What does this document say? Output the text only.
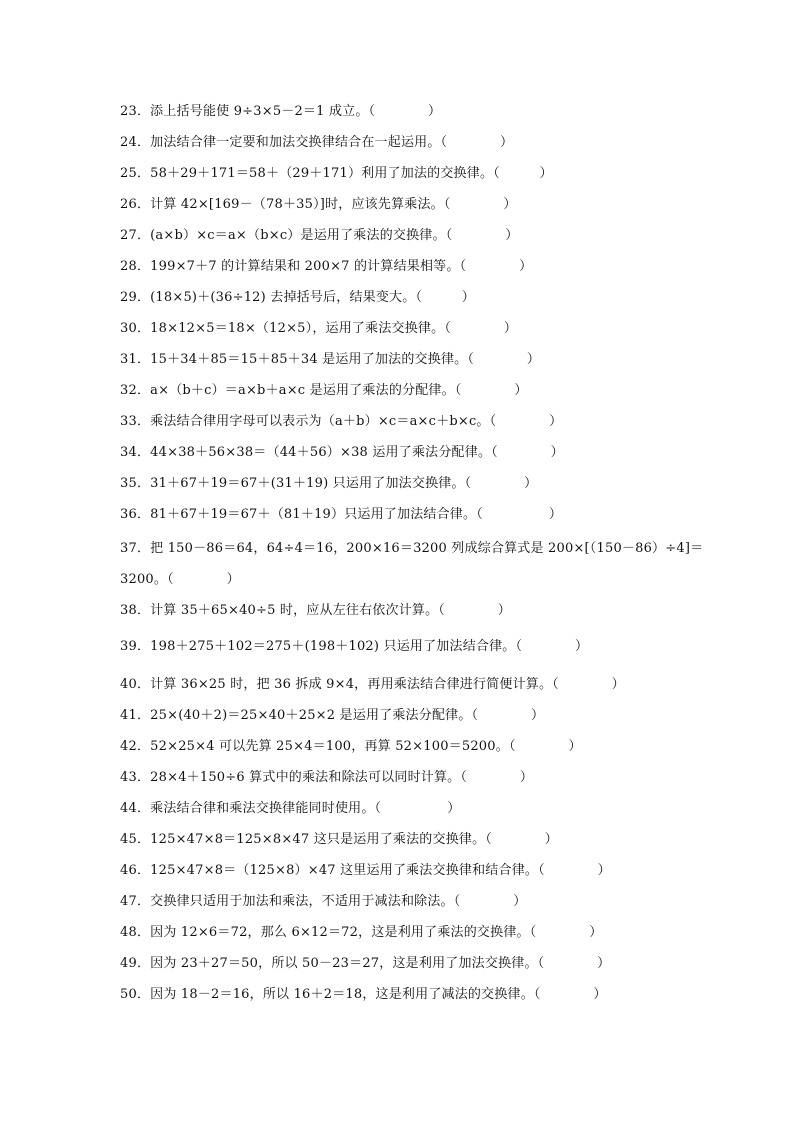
23．添上括号能使 9÷3×5－2＝1 成立。（　　　　）
24．加法结合律一定要和加法交换律结合在一起运用。（　　　　）
25．58＋29＋171＝58＋（29＋171）利用了加法的交换律。（　　　）
26．计算 42×[169－（78＋35）]时，应该先算乘法。（　　　　）
27．(a×b）×c＝a×（b×c）是运用了乘法的交换律。（　　　　）
28．199×7＋7 的计算结果和 200×7 的计算结果相等。（　　　　）
29．(18×5)＋(36÷12) 去掉括号后，结果变大。（　　　）
30．18×12×5＝18×（12×5），运用了乘法交换律。（　　　　）
31．15＋34＋85＝15＋85＋34 是运用了加法的交换律。（　　　　）
32．a×（b＋c）＝a×b＋a×c 是运用了乘法的分配律。（　　　　）
33．乘法结合律用字母可以表示为（a＋b）×c＝a×c＋b×c。（　　　　）
34．44×38＋56×38＝（44＋56）×38 运用了乘法分配律。（　　　　）
35．31＋67＋19＝67＋(31＋19) 只运用了加法交换律。（　　　　）
36．81＋67＋19＝67＋（81＋19）只运用了加法结合律。（　　　　　）
37．把 150－86＝64，64÷4＝16，200×16＝3200 列成综合算式是 200×[（150－86）÷4]＝
3200。（　　　　）
38．计算 35＋65×40÷5 时，应从左往右依次计算。（　　　　）
39．198＋275＋102＝275＋(198＋102) 只运用了加法结合律。（　　　　）
40．计算 36×25 时，把 36 拆成 9×4，再用乘法结合律进行简便计算。（　　　　）
41．25×(40＋2)＝25×40＋25×2 是运用了乘法分配律。（　　　　）
42．52×25×4 可以先算 25×4＝100，再算 52×100＝5200。（　　　　）
43．28×4＋150÷6 算式中的乘法和除法可以同时计算。（　　　　）
44．乘法结合律和乘法交换律能同时使用。（　　　　　）
45．125×47×8＝125×8×47 这只是运用了乘法的交换律。（　　　　）
46．125×47×8＝（125×8）×47 这里运用了乘法交换律和结合律。（　　　　）
47．交换律只适用于加法和乘法，不适用于减法和除法。（　　　　）
48．因为 12×6＝72，那么 6×12＝72，这是利用了乘法的交换律。（　　　　）
49．因为 23＋27＝50，所以 50－23＝27，这是利用了加法交换律。（　　　　）
50．因为 18－2＝16，所以 16＋2＝18，这是利用了减法的交换律。（　　　　）
